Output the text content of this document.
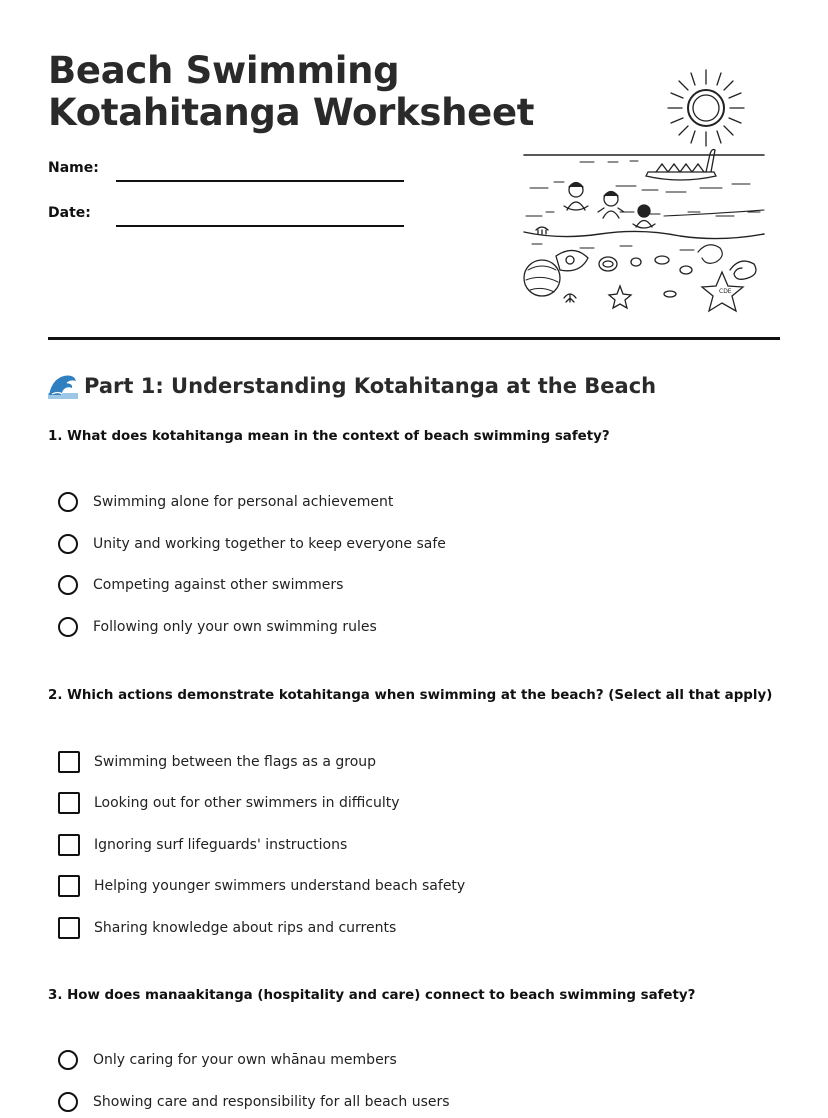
Beach Swimming
Kotahitanga Worksheet
Name:
Date:
CDE
Part 1: Understanding Kotahitanga at the Beach
1. What does kotahitanga mean in the context of beach swimming safety?
Swimming alone for personal achievement
Unity and working together to keep everyone safe
Competing against other swimmers
Following only your own swimming rules
2. Which actions demonstrate kotahitanga when swimming at the beach? (Select all that apply)
Swimming between the flags as a group
Looking out for other swimmers in difficulty
Ignoring surf lifeguards' instructions
Helping younger swimmers understand beach safety
Sharing knowledge about rips and currents
3. How does manaakitanga (hospitality and care) connect to beach swimming safety?
Only caring for your own whānau members
Showing care and responsibility for all beach users
